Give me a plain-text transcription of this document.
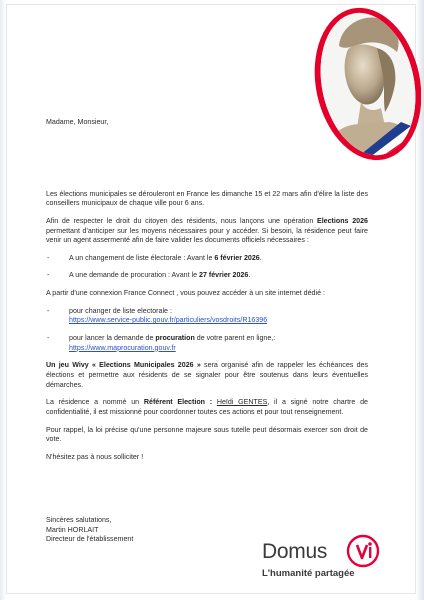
Madame, Monsieur,

Les élections municipales se dérouleront en France les dimanche 15 et 22 mars afin d'élire la liste des conseillers municipaux de chaque ville pour 6 ans.

Afin de respecter le droit du citoyen des résidents, nous lançons une opération Elections 2026 permettant d'anticiper sur les moyens nécessaires pour y accéder. Si besoin, la résidence peut faire venir un agent assermenté afin de faire valider les documents officiels nécessaires :

-	A un changement de liste électorale : Avant le 6 février 2026.
-	A une demande de procuration : Avant le 27 février 2026.

A partir d'une connexion France Connect , vous pouvez accéder à un site internet dédié :

-	pour changer de liste electorale :
https://www.service-public.gouv.fr/particuliers/vosdroits/R16396
-	pour lancer la demande de procuration de votre parent en ligne,:
https://www.maprocuration.gouv.fr

Un jeu Wivy « Elections Municipales 2026 » sera organisé afin de rappeler les échéances des élections et permettre aux résidents de se signaler pour être soutenus dans leurs éventuelles démarches.

La résidence a nommé un Référent Election : Heïdi GENTES, il a signé notre chartre de confidentialité, il est missionné pour coordonner toutes ces actions et pour tout renseignement.

Pour rappel, la loi précise qu'une personne majeure sous tutelle peut désormais exercer son droit de vote.

N'hésitez pas à nous solliciter !

Sincères salutations,

Martin HORLAIT

Directeur de l'établissement

Domus
L'humanité partagée
